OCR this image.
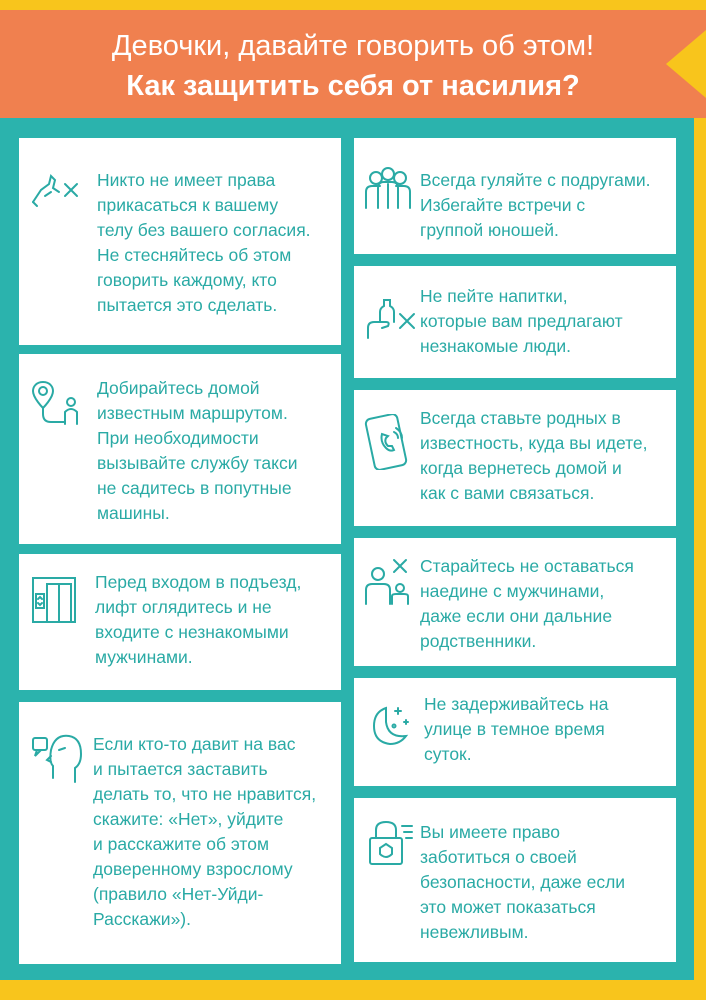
Девочки, давайте говорить об этом!
Как защитить себя от насилия?
Никто не имеет права
прикасаться к вашему
телу без вашего согласия.
Не стесняйтесь об этом
говорить каждому, кто
пытается это сделать.
Добирайтесь домой
известным маршрутом.
При необходимости
вызывайте службу такси
не садитесь в попутные
машины.
Перед входом в подъезд,
лифт оглядитесь и не
входите с незнакомыми
мужчинами.
Если кто-то давит на вас
и пытается заставить
делать то, что не нравится,
скажите: «Нет», уйдите
и расскажите об этом
доверенному взрослому
(правило «Нет-Уйди-
Расскажи»).
Всегда гуляйте с подругами.
Избегайте встречи с
группой юношей.
Не пейте напитки,
которые вам предлагают
незнакомые люди.
Всегда ставьте родных в
известность, куда вы идете,
когда вернетесь домой и
как с вами связаться.
Старайтесь не оставаться
наедине с мужчинами,
даже если они дальние
родственники.
Не задерживайтесь на
улице в темное время
суток.
Вы имеете право
заботиться о своей
безопасности, даже если
это может показаться
невежливым.
